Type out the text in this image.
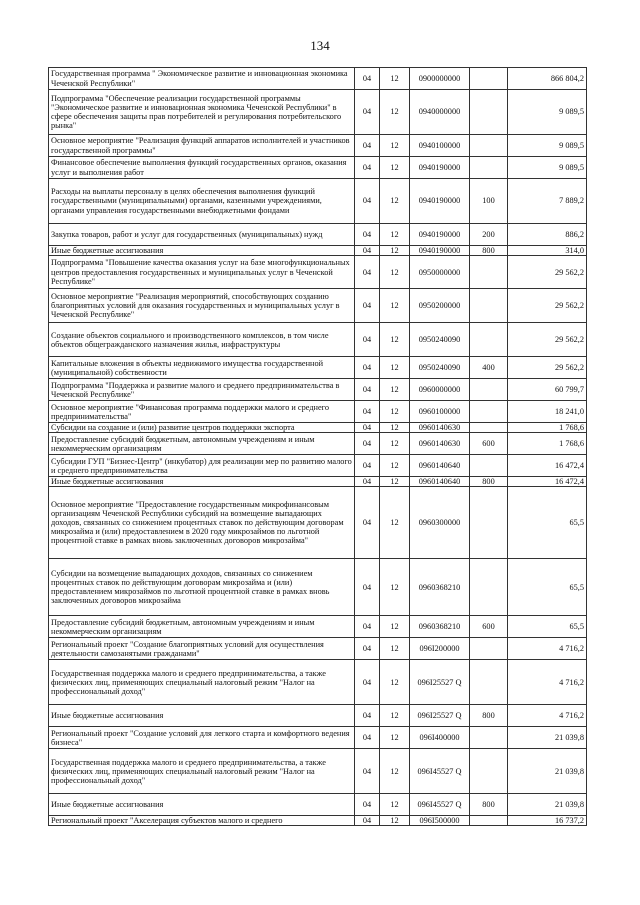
134
Государственная программа " Экономическое развитие и инновационная экономика Чеченской Республики"	04	12	0900000000		866 804,2
Подпрограмма "Обеспечение реализации государственной программы "Экономическое развитие и инновационная экономика Чеченской Республики" в сфере обеспечения защиты прав потребителей и регулирования потребительского рынка"	04	12	0940000000		9 089,5
Основное мероприятие "Реализация функций аппаратов исполнителей и участников государственной программы"	04	12	0940100000		9 089,5
Финансовое обеспечение выполнения функций государственных органов, оказания услуг и выполнения работ	04	12	0940190000		9 089,5
Расходы на выплаты персоналу в целях обеспечения выполнения функций государственными (муниципальными) органами, казенными учреждениями, органами управления государственными внебюджетными фондами	04	12	0940190000	100	7 889,2
Закупка товаров, работ и услуг для государственных (муниципальных) нужд	04	12	0940190000	200	886,2
Иные бюджетные ассигнования	04	12	0940190000	800	314,0
Подпрограмма "Повышение качества оказания услуг на базе многофункциональных центров предоставления государственных и муниципальных услуг в Чеченской Республике"	04	12	0950000000		29 562,2
Основное мероприятие "Реализация мероприятий, способствующих созданию благоприятных условий для оказания государственных и муниципальных услуг в Чеченской Республике"	04	12	0950200000		29 562,2
Создание объектов социального и производственного комплексов, в том числе объектов общегражданского назначения жилья, инфраструктуры	04	12	0950240090		29 562,2
Капитальные вложения в объекты недвижимого имущества государственной (муниципальной) собственности	04	12	0950240090	400	29 562,2
Подпрограмма "Поддержка и развитие малого и среднего предпринимательства в Чеченской Республике"	04	12	0960000000		60 799,7
Основное мероприятие "Финансовая программа поддержки малого и среднего предпринимательства"	04	12	0960100000		18 241,0
Субсидии на создание и (или) развитие центров поддержки экспорта	04	12	0960140630		1 768,6
Предоставление субсидий бюджетным, автономным учреждениям и иным некоммерческим организациям	04	12	0960140630	600	1 768,6
Субсидии ГУП "Бизнес-Центр" (инкубатор) для реализации мер по развитию малого и среднего предпринимательства	04	12	0960140640		16 472,4
Иные бюджетные ассигнования	04	12	0960140640	800	16 472,4
Основное мероприятие "Предоставление государственным микрофинансовым организациям Чеченской Республики субсидий на возмещение выпадающих доходов, связанных со снижением процентных ставок по действующим договорам микрозайма и (или) предоставлением в 2020 году микрозаймов по льготной процентной ставке в рамках вновь заключенных договоров микрозайма"	04	12	0960300000		65,5
Субсидии на возмещение выпадающих доходов, связанных со снижением процентных ставок по действующим договорам микрозайма и (или) предоставлением микрозаймов по льготной процентной ставке в рамках вновь заключенных договоров микрозайма	04	12	0960368210		65,5
Предоставление субсидий бюджетным, автономным учреждениям и иным некоммерческим организациям	04	12	0960368210	600	65,5
Региональный проект "Создание благоприятных условий для осуществления деятельности самозанятыми гражданами"	04	12	096I200000		4 716,2
Государственная поддержка малого и среднего предпринимательства, а также физических лиц, применяющих специальный налоговый режим "Налог на профессиональный доход"	04	12	096I25527 Q		4 716,2
Иные бюджетные ассигнования	04	12	096I25527 Q	800	4 716,2
Региональный проект "Создание условий для легкого старта и комфортного ведения бизнеса"	04	12	096I400000		21 039,8
Государственная поддержка малого и среднего предпринимательства, а также физических лиц, применяющих специальный налоговый режим "Налог на профессиональный доход"	04	12	096I45527 Q		21 039,8
Иные бюджетные ассигнования	04	12	096I45527 Q	800	21 039,8
Региональный проект "Акселерация субъектов малого и среднего	04	12	096I500000		16 737,2
